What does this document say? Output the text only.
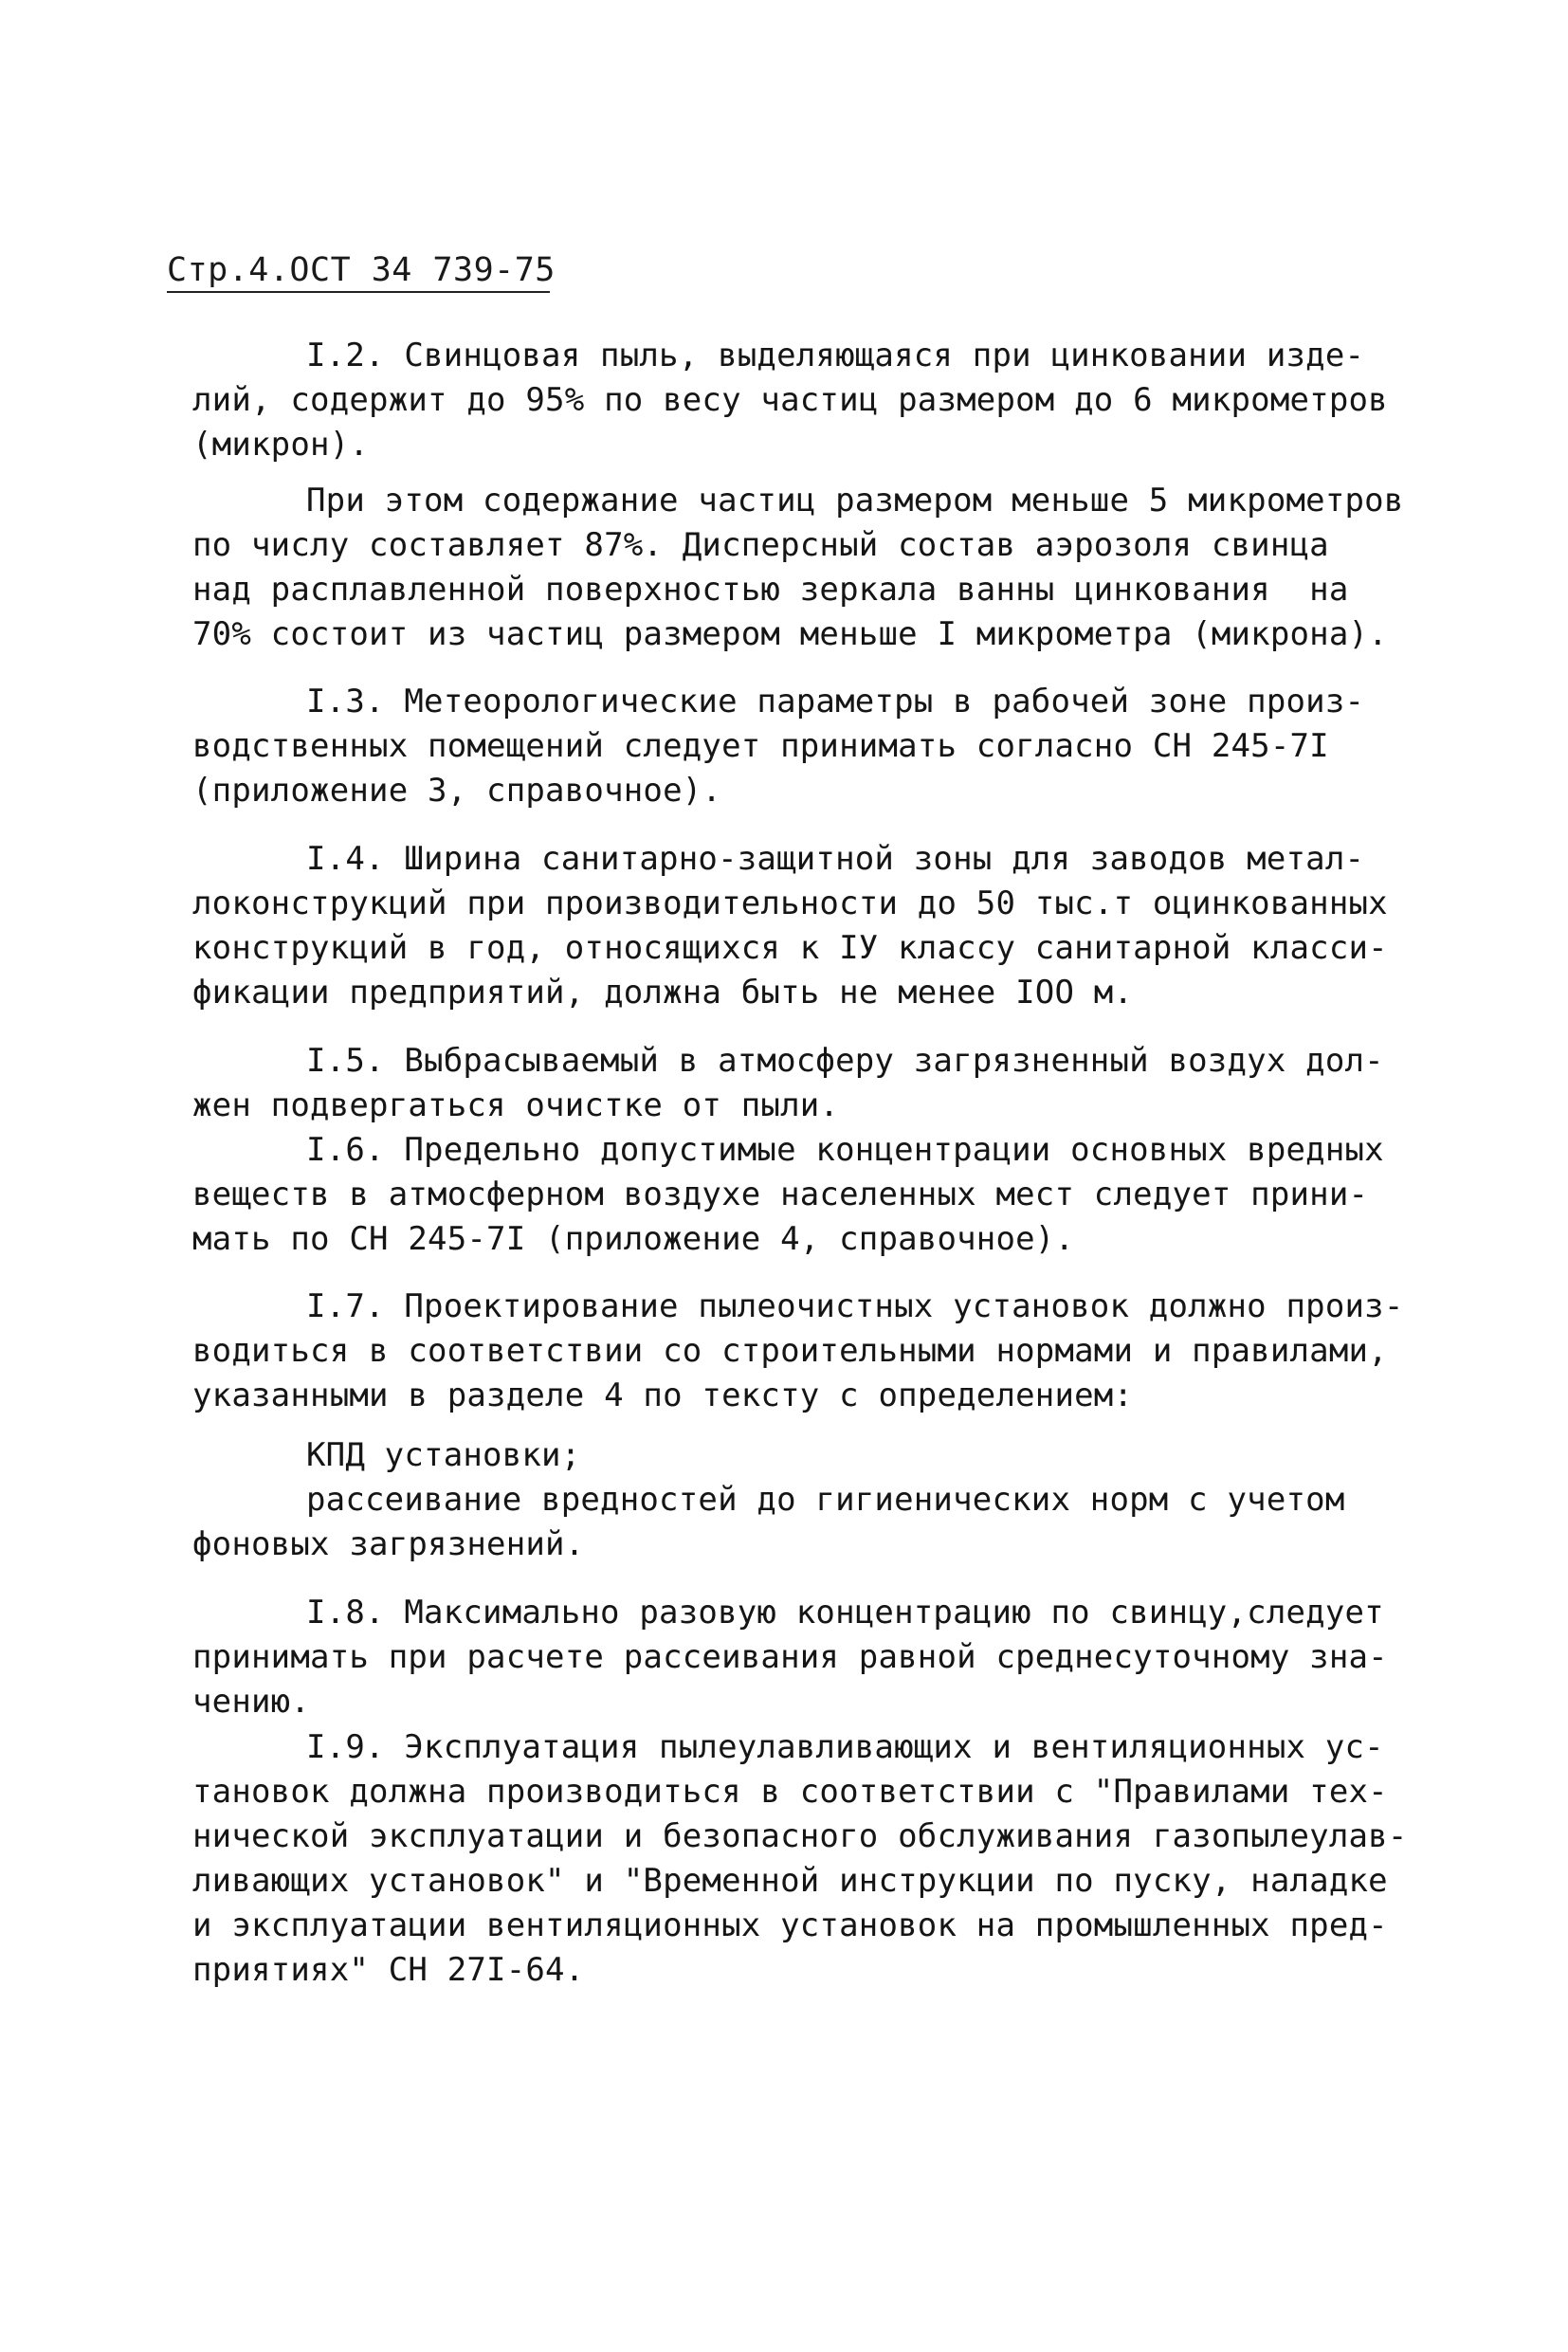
Стр.4.ОСТ 34 739-75
I.2. Свинцовая пыль, выделяющаяся при цинковании изде-
лий, содержит до 95% по весу частиц размером до 6 микрометров
(микрон).
При этом содержание частиц размером меньше 5 микрометров
по числу составляет 87%. Дисперсный состав аэрозоля свинца
над расплавленной поверхностью зеркала ванны цинкования  на
70% состоит из частиц размером меньше I микрометра (микрона).
I.3. Метеорологические параметры в рабочей зоне произ-
водственных помещений следует принимать согласно СН 245-7I
(приложение 3, справочное).
I.4. Ширина санитарно-защитной зоны для заводов метал-
локонструкций при производительности до 50 тыс.т оцинкованных
конструкций в год, относящихся к IУ классу санитарной класси-
фикации предприятий, должна быть не менее IОО м.
I.5. Выбрасываемый в атмосферу загрязненный воздух дол-
жен подвергаться очистке от пыли.
I.6. Предельно допустимые концентрации основных вредных
веществ в атмосферном воздухе населенных мест следует прини-
мать по СН 245-7I (приложение 4, справочное).
I.7. Проектирование пылеочистных установок должно произ-
водиться в соответствии со строительными нормами и правилами,
указанными в разделе 4 по тексту с определением:
КПД установки;
рассеивание вредностей до гигиенических норм с учетом
фоновых загрязнений.
I.8. Максимально разовую концентрацию по свинцу,следует
принимать при расчете рассеивания равной среднесуточному зна-
чению.
I.9. Эксплуатация пылеулавливающих и вентиляционных ус-
тановок должна производиться в соответствии с "Правилами тех-
нической эксплуатации и безопасного обслуживания газопылеулав-
ливающих установок" и "Временной инструкции по пуску, наладке
и эксплуатации вентиляционных установок на промышленных пред-
приятиях" СН 27I-64.
